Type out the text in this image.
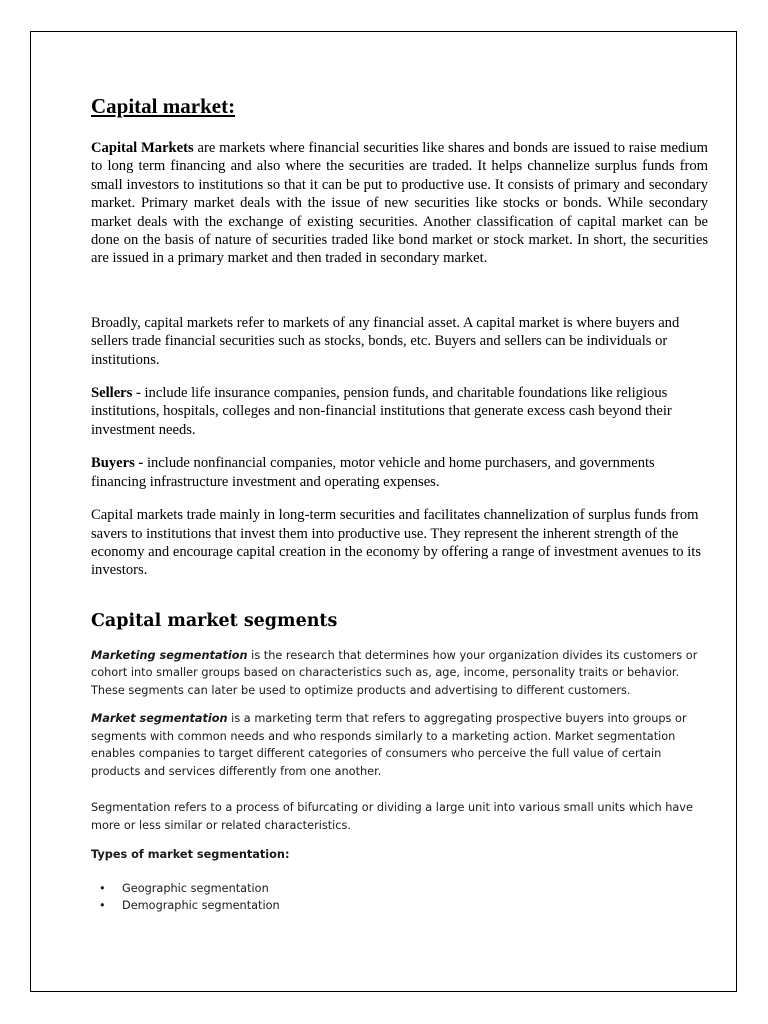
Capital market:

Capital Markets are markets where financial securities like shares and bonds are issued to raise medium to long term financing and also where the securities are traded. It helps channelize surplus funds from small investors to institutions so that it can be put to productive use. It consists of primary and secondary market. Primary market deals with the issue of new securities like stocks or bonds. While secondary market deals with the exchange of existing securities. Another classification of capital market can be done on the basis of nature of securities traded like bond market or stock market. In short, the securities are issued in a primary market and then traded in secondary market.

Broadly, capital markets refer to markets of any financial asset. A capital market is where buyers and sellers trade financial securities such as stocks, bonds, etc. Buyers and sellers can be individuals or institutions.

Sellers - include life insurance companies, pension funds, and charitable foundations like religious institutions, hospitals, colleges and non-financial institutions that generate excess cash beyond their investment needs.

Buyers - include nonfinancial companies, motor vehicle and home purchasers, and governments financing infrastructure investment and operating expenses.

Capital markets trade mainly in long-term securities and facilitates channelization of surplus funds from savers to institutions that invest them into productive use. They represent the inherent strength of the economy and encourage capital creation in the economy by offering a range of investment avenues to its investors.

Capital market segments

Marketing segmentation is the research that determines how your organization divides its customers or cohort into smaller groups based on characteristics such as, age, income, personality traits or behavior. These segments can later be used to optimize products and advertising to different customers.

Market segmentation is a marketing term that refers to aggregating prospective buyers into groups or segments with common needs and who responds similarly to a marketing action. Market segmentation enables companies to target different categories of consumers who perceive the full value of certain products and services differently from one another.

Segmentation refers to a process of bifurcating or dividing a large unit into various small units which have more or less similar or related characteristics.

Types of market segmentation:

• Geographic segmentation
• Demographic segmentation
